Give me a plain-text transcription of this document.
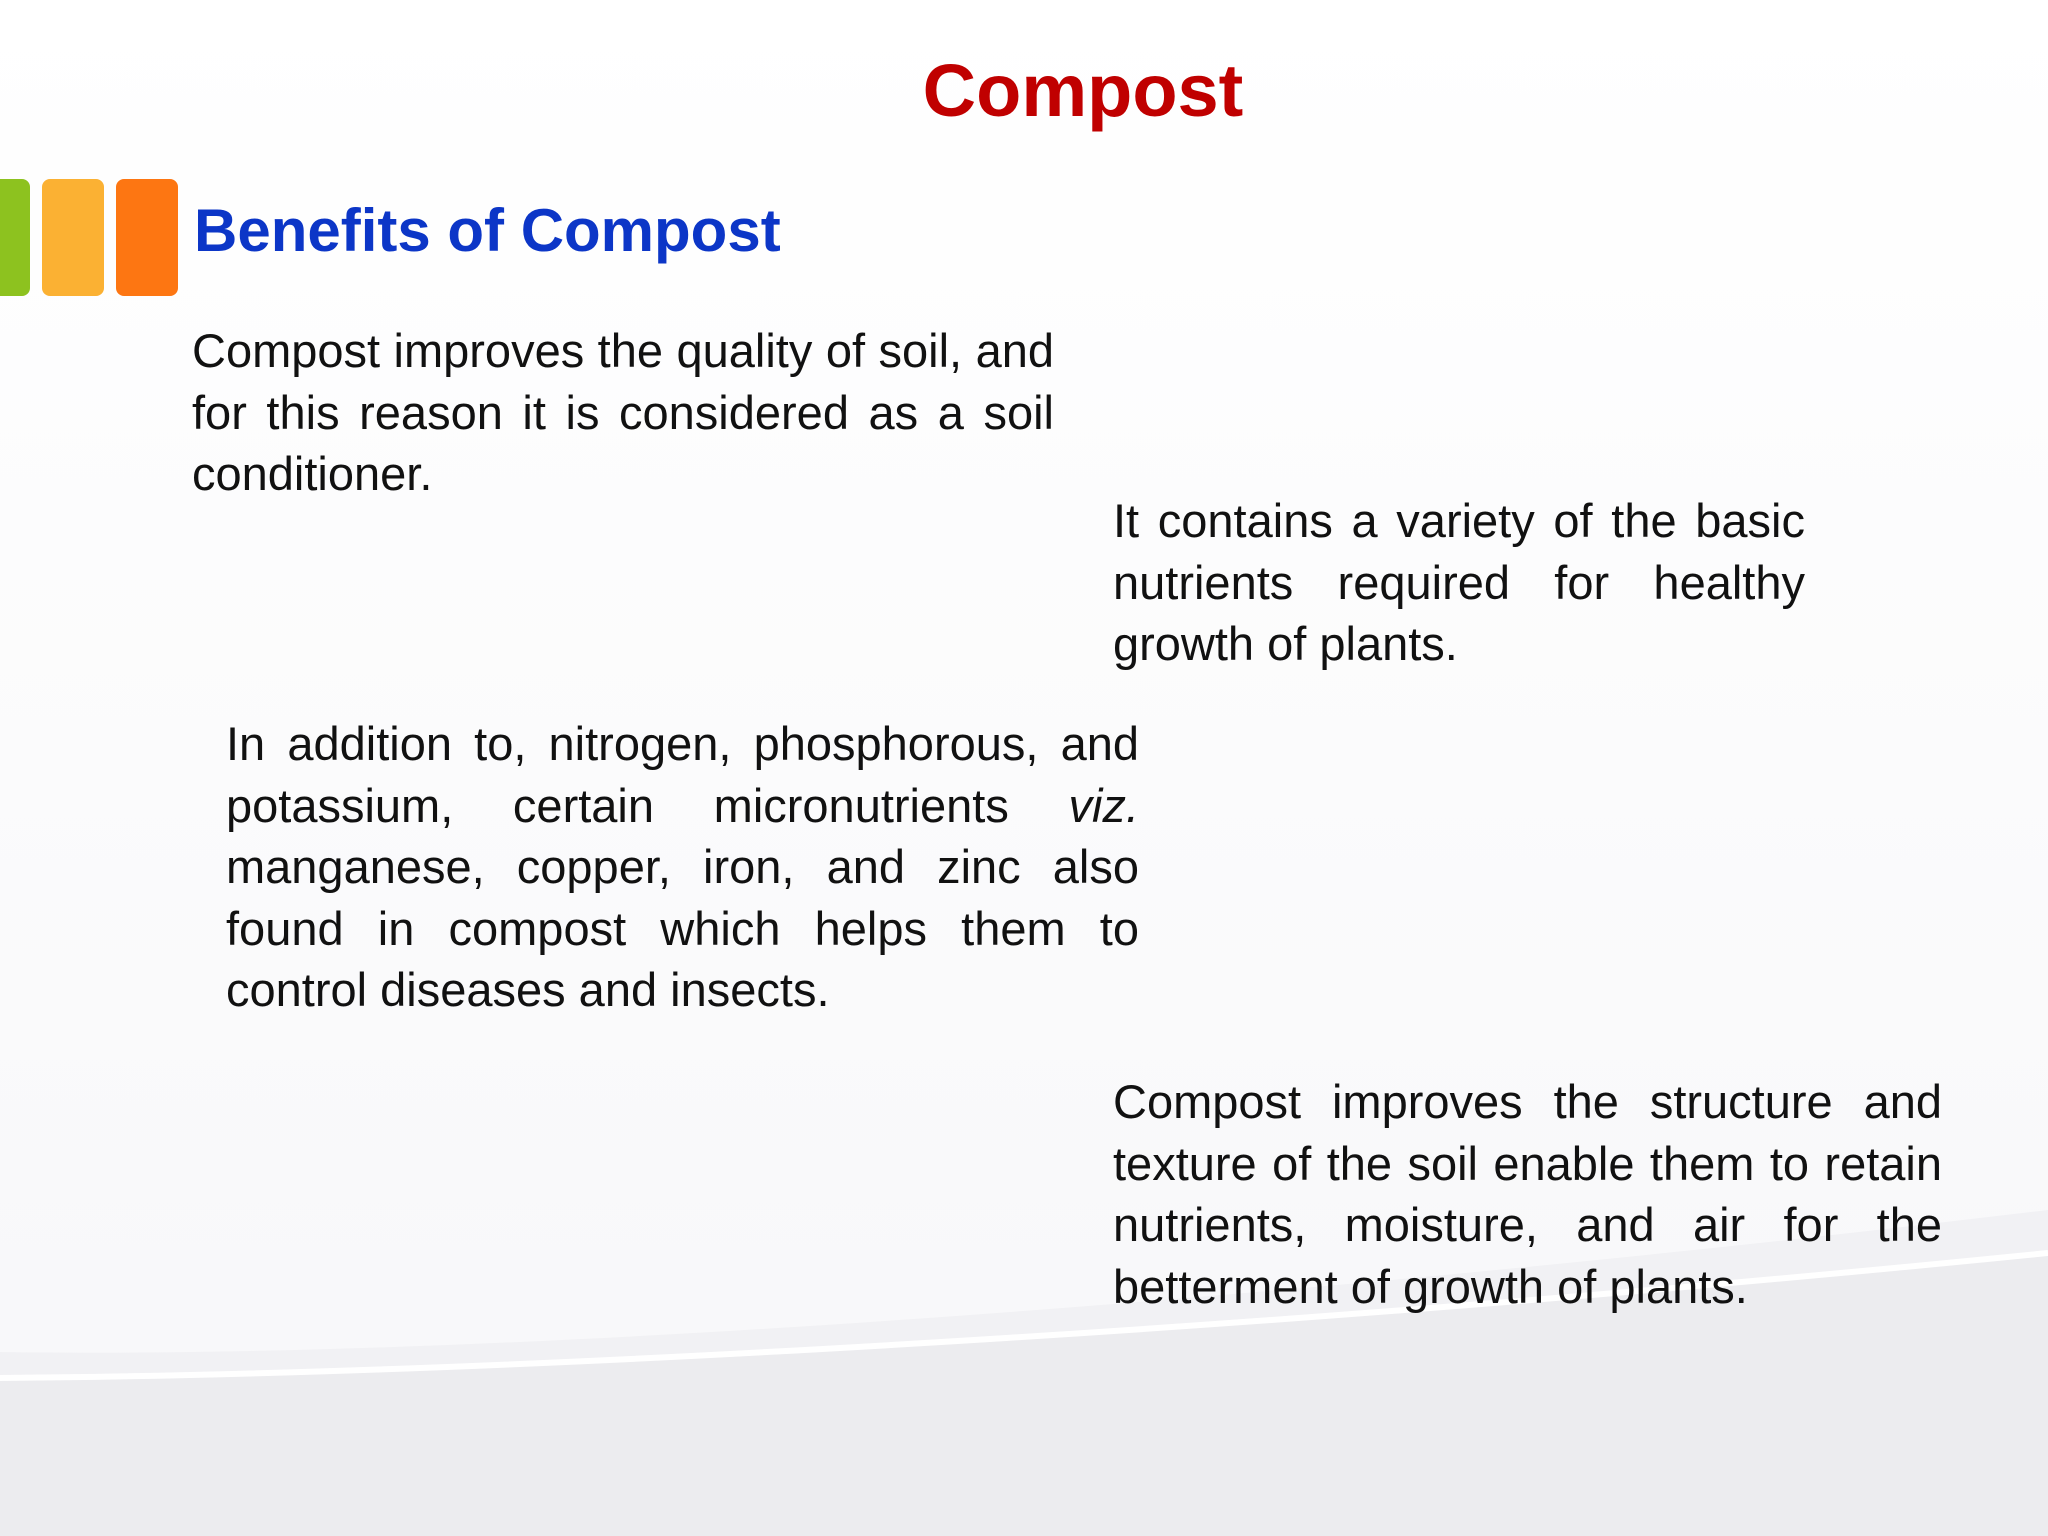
Compost
Benefits of Compost

Compost improves the quality of soil, and for this reason it is considered as a soil conditioner.

It contains a variety of the basic nutrients required for healthy growth of plants.

In addition to, nitrogen, phosphorous, and potassium, certain micronutrients viz. manganese, copper, iron, and zinc also found in compost which helps them to control diseases and insects.

Compost improves the structure and texture of the soil enable them to retain nutrients, moisture, and air for the betterment of growth of plants.
